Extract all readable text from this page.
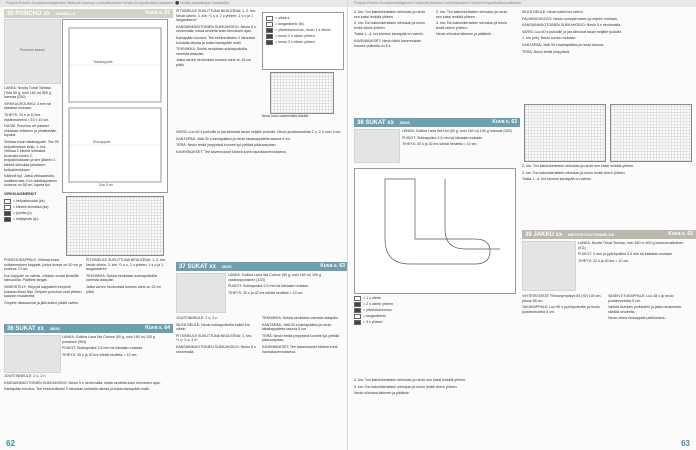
Pohjola-Puhelin-Sovuksimmätajärveen Nilakoirin teamma Lomirottsonanne Novita Erovjaoltuhtäva sekainen: ⚫ Novita-sukkalangan kantaketjut
35 PONCHO xx NAISELLE	Kuva s. 61
Ponchon kaavio

LANKA: Novita Tuhat Tarinaa (Tofa 50 g, noin 160 m) 500 g harmaa (030)

VIRKKUUKOUKKU: 4 mm tai käsialan mukaan.

TIHEYS: 19 s ja 10 krs mallineuleeksi = 10 x 10 cm.

HUOM: Ponchon eri palaset virkataan erikseen ja yhdistetään lopuksi.

Virkkaa ensin takakappale. Tee 99 ketjusilmukan ketju. 1. krs: Virkkaa 1 kiinteä silmukka koukusta lukien 2. ketjusilmukkaan ja sen jälkeen 1 kiinteä silmukka jokaiseen ketjusilmukkaan.

Käännä työ. Jatka virkkaamalla mallikerrosta. Kun takakappaleen korkeus on 58 cm, lopeta työ.

Takakappale
Etukappale
Sivu 5 cm

VIRKKUUSMERKIT

= ketjusilmukka (ks)
= kiinteä silmukka (ks)
= pylväs (p)
= ristipylväs (rp)

PONCHOKAPPALE: Virkkaa ensin suikalemainen kappale, jonka leveys on 20 cm ja korkeus 70 cm.

Kun kappale on valmis, virkkaa reunat kiinteillä silmukoilla. Päättele langat.

VIIMEISTELY: Höyrytä kappaleet kevyesti kostean liinan läpi. Ompele ponchon osat yhteen kaavion mukaisesti.

Ompele olkasaumat ja jätä aukko päätä varten.

PITSINEULE SUKUTTUNA NEULEENA: 1. 2. krs: Neulo oikein. 3. krs: *1 s o, 2 o yhteen, 1 s o ja 1 langankierto*.

TEKNIIKKA: Sukka neulotaan sukkapuikoilla varresta alaspäin.

Jatka varren neulomista kunnes varsi on 15 cm pitkä.

36 SUKAT xx 38/39	Kuva s. 64

LANKA: Gollina Lana Wa Cotone (50 g, noin 160 m) 100 g punainen (554)

PUIKOT: Sukkapuikot 2,5 mm tai käsialan mukaan.

TIHEYS: 30 s ja 42 krs sileää neuletta = 10 cm.

JOUSTINNEULE: 2 o, 2 n

KANSAINMUOTOINEN SUKKAHOIDO: Neulo 5 s neulomalla, toista neuletta koko kerroksen ajan.

Kantapään korotus: Tee ensimmäisten 2 silmukan kohdalla oikeaa ja toista kantapään malli.

PITSINEULE SUKUTTUNA NEULEENA: 1. 2. krs: Neulo oikein. 3. krs: *1 s o, 2 o yhteen, 1 s o ja 1 langankierto*.

KANSAINMUOTOINEN SUKKAHOIDO: Neulo 5 s neulomalla, toista neuletta koko kerroksen ajan.

Kantapään korotus: Tee ensimmäisten 2 silmukan kohdalla oikeaa ja toista kantapään malli.

TEKNIIKKA: Sukka neulotaan sukkapuikoilla varresta alaspäin.

Jatka varren neulomista kunnes varsi on 15 cm pitkä.

= oikea s
= langankierto (lk)
= ylivetokavennus, neulo 1 s oikein
= neulo 2 s oikein yhteen
= neulo 3 s oikein yhteen
Neulo kuvio vasemmalta oikealle

VARSI: Luo 60 s puikoille ja jaa silmukat tasan neljälle puikolle. Neulo joustinneuletta 2 o, 2 n noin 3 cm.

KANTAPÄÄ: Jätä 30 s kantapääksi ja neulo takakappaletta tasona 5 cm.

TERÄ: Neulo terää ympyränä kunnes työ peittää pikkuvarpaan.

KAVENNUKSET: Tee kavennukset kärkeä kohti nauhakavennuksena.

37 SUKAT xx 36/39	Kuva s. 63

LANKA: Gollina Lana Wa Cotone (50 g, noin 160 m) 100 g vaaleanpunainen (103)

PUIKOT: Sukkapuikot 2,5 mm tai käsialan mukaan.

TIHEYS: 30 s ja 42 krs sileää neuletta = 10 cm.

JOUSTINNEULE: 2 o, 2 n

SILEÄ NEULE: Neulo sukkapuikoilla kaikki krs oikein.

PITSINEULE SUKUTTUNA NEULEENA: 1. krs: *1 o, 2 o, 1 s*.

KANSAINMUOTOINEN SUKKAHOIDO: Neulo 5 s neulomalla.

TEKNIIKKA: Sukka neulotaan varresta alaspäin.

KANTAPÄÄ: Jätä 30 s kantapääksi ja neulo takakappaletta tasona 5 cm.

TERÄ: Neulo terää ympyränä kunnes työ peittää pikkuvarpaan.

KAVENNUKSET: Tee kavennukset kärkeä kohti nauhakavennuksena.

62
Pohjola-Puhelin-Sovuksimmätajärveen Nilakoirin teamma Lomirottsonanne Novita Erovjaoltuhtäva sekainen

Z. krs: Ton kaksinkertaisen silmukan ja neulo sen kaksi lenkkiä yhteen.

3. krs: Ton kaksinkertaisen silmukan ja neulo lenkit oikein yhteen.

Toista 1.–4. krs kunnes kantapää on valmis.

KAVENNUKSET: Neulo kärki kavennuksin kunnes puikoilla on 8 s.

Z. krs: Ton kaksinkertaisen silmukan ja neulo sen kaksi lenkkiä yhteen.

3. krs: Ton kaksinkertaisen silmukan ja neulo lenkit oikein yhteen.

Neulo silmukat kärkeen ja päättele.

38 SUKAT xx 36/39	Kuva s. 63

LANKA: Gollina Lana Wa Uni (50 g, noin 160 m) 100 g turkoosi (325)

PUIKOT: Sukkapuikot 2,5 mm tai käsialan mukaan.

TIHEYS: 30 s ja 42 krs sileää neuletta = 10 cm.

= 1 s oikein
= 2 s oikein yhteen
= ylivetokavennus
= langankierto
= 3 s yhteen

Z. krs: Ton kaksinkertaisen silmukan ja neulo sen kaksi lenkkiä yhteen.

3. krs: Ton kaksinkertaisen silmukan ja neulo lenkit oikein yhteen.

Neulo silmukat kärkeen ja päättele.

SILEÄ NEULE: Neulo kaikki krs oikein.

PALMIKKOKUVIO: Neulo ruutupiirroksen ja ohjeen mukaan.

KANSAINMUOTOINEN SUKKAHOIDO: Neulo 5 s neulomalla.

VARSI: Luo 60 s puikoille ja jaa silmukat tasan neljälle puikolle.

1. krs (oik): Neulo kuvion mukaan.

KANTAPÄÄ: Jätä 30 s kantapääksi ja neulo tasona.

TERÄ: Neulo terää ympyränä.

Z. krs: Ton kaksinkertaisen silmukan ja neulo sen kaksi lenkkiä yhteen.

3. krs: Ton kaksinkertaisen silmukan ja neulo lenkit oikein yhteen.

Toista 1.–4. krs kunnes kantapää on valmis.

39 JAKKU xx NEITEISTUOTENIME-DA	Kuva s. 65

LANKA: Novita Tuhat Tarinaa, noin 160 m 400 g luonnonvalkoinen (011)

PUIKOT: 3 mm ja pyöröpuikko 3,5 mm tai käsialan mukaan.

TIHEYS: 22 s ja 30 krs = 10 cm.

VIHTEEN MITAT: Rinnanympärys 84 (92) 100 cm, pituus 55 cm.

TAKAKAPPALE: Luo 96 s pyöröpuikoille ja neulo joustinneuletta 5 cm.

VASEN ETUKAPPALE: Luo 48 s ja neulo joustinneuletta 5 cm.

Vaihda isompiin puikkoihin ja jatka neulomista sileällä neuleella.

Neulo oikea etukappale peilikuvana.

63
